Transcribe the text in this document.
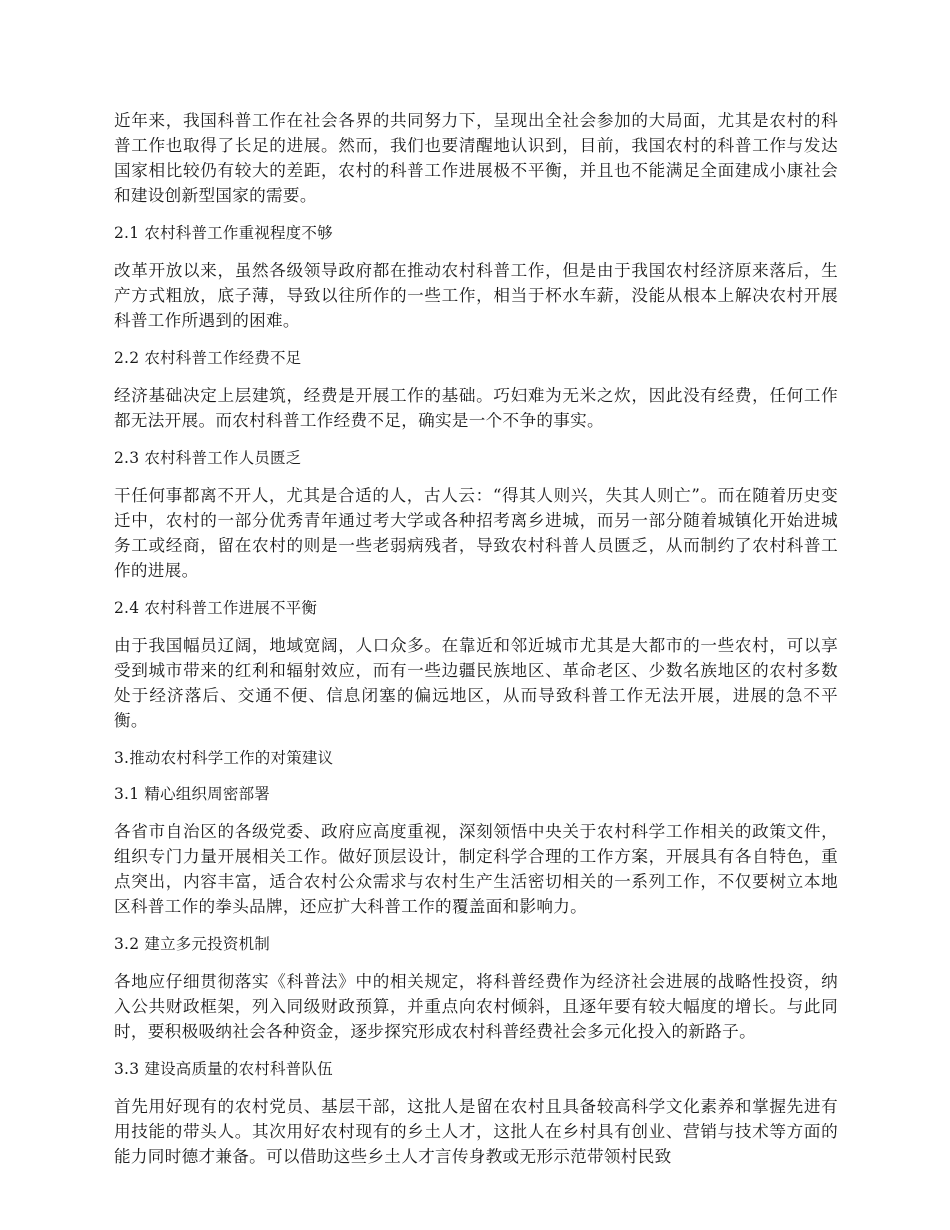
近年来，我国科普工作在社会各界的共同努力下，呈现出全社会参加的大局面，尤其是农村的科普工作也取得了长足的进展。然而，我们也要清醒地认识到，目前，我国农村的科普工作与发达国家相比较仍有较大的差距，农村的科普工作进展极不平衡，并且也不能满足全面建成小康社会和建设创新型国家的需要。

2.1 农村科普工作重视程度不够

改革开放以来，虽然各级领导政府都在推动农村科普工作，但是由于我国农村经济原来落后，生产方式粗放，底子薄，导致以往所作的一些工作，相当于杯水车薪，没能从根本上解决农村开展科普工作所遇到的困难。

2.2 农村科普工作经费不足

经济基础决定上层建筑，经费是开展工作的基础。巧妇难为无米之炊，因此没有经费，任何工作都无法开展。而农村科普工作经费不足，确实是一个不争的事实。

2.3 农村科普工作人员匮乏

干任何事都离不开人，尤其是合适的人，古人云：“得其人则兴，失其人则亡”。而在随着历史变迁中，农村的一部分优秀青年通过考大学或各种招考离乡进城，而另一部分随着城镇化开始进城务工或经商，留在农村的则是一些老弱病残者，导致农村科普人员匮乏，从而制约了农村科普工作的进展。

2.4 农村科普工作进展不平衡

由于我国幅员辽阔，地域宽阔，人口众多。在靠近和邻近城市尤其是大都市的一些农村，可以享受到城市带来的红利和辐射效应，而有一些边疆民族地区、革命老区、少数名族地区的农村多数处于经济落后、交通不便、信息闭塞的偏远地区，从而导致科普工作无法开展，进展的急不平衡。

3.推动农村科学工作的对策建议
3.1 精心组织周密部署

各省市自治区的各级党委、政府应高度重视，深刻领悟中央关于农村科学工作相关的政策文件，组织专门力量开展相关工作。做好顶层设计，制定科学合理的工作方案，开展具有各自特色，重点突出，内容丰富，适合农村公众需求与农村生产生活密切相关的一系列工作，不仅要树立本地区科普工作的拳头品牌，还应扩大科普工作的覆盖面和影响力。

3.2 建立多元投资机制

各地应仔细贯彻落实《科普法》中的相关规定，将科普经费作为经济社会进展的战略性投资，纳入公共财政框架，列入同级财政预算，并重点向农村倾斜，且逐年要有较大幅度的增长。与此同时，要积极吸纳社会各种资金，逐步探究形成农村科普经费社会多元化投入的新路子。

3.3 建设高质量的农村科普队伍

首先用好现有的农村党员、基层干部，这批人是留在农村且具备较高科学文化素养和掌握先进有用技能的带头人。其次用好农村现有的乡土人才，这批人在乡村具有创业、营销与技术等方面的能力同时德才兼备。可以借助这些乡土人才言传身教或无形示范带领村民致
